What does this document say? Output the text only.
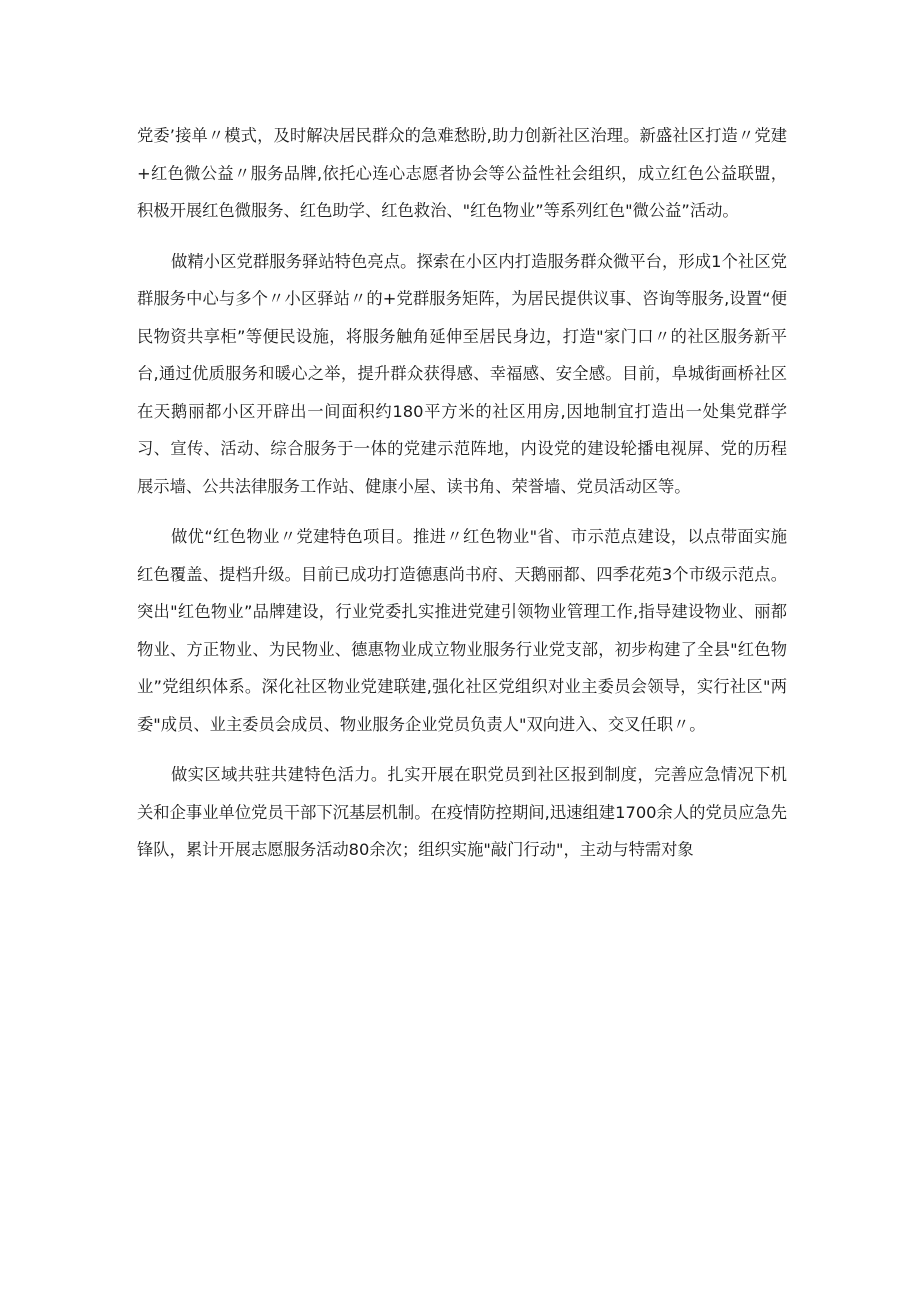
党委’接单〃模式，及时解决居民群众的急难愁盼,助力创新社区治理。新盛社区打造〃党建+红色微公益〃服务品牌,依托心连心志愿者协会等公益性社会组织，成立红色公益联盟，积极开展红色微服务、红色助学、红色救治、"红色物业”等系列红色"微公益”活动。

做精小区党群服务驿站特色亮点。探索在小区内打造服务群众微平台，形成1个社区党群服务中心与多个〃小区驿站〃的+党群服务矩阵，为居民提供议事、咨询等服务,设置“便民物资共享柜”等便民设施，将服务触角延伸至居民身边，打造"家门口〃的社区服务新平台,通过优质服务和暖心之举，提升群众获得感、幸福感、安全感。目前，阜城街画桥社区在天鹅丽都小区开辟出一间面积约180平方米的社区用房,因地制宜打造出一处集党群学习、宣传、活动、综合服务于一体的党建示范阵地，内设党的建设轮播电视屏、党的历程展示墙、公共法律服务工作站、健康小屋、读书角、荣誉墙、党员活动区等。

做优“红色物业〃党建特色项目。推进〃红色物业"省、市示范点建设，以点带面实施红色覆盖、提档升级。目前已成功打造德惠尚书府、天鹅丽都、四季花苑3个市级示范点。突出"红色物业”品牌建设，行业党委扎实推进党建引领物业管理工作,指导建设物业、丽都物业、方正物业、为民物业、德惠物业成立物业服务行业党支部，初步构建了全县"红色物业”党组织体系。深化社区物业党建联建,强化社区党组织对业主委员会领导，实行社区"两委"成员、业主委员会成员、物业服务企业党员负责人"双向进入、交叉任职〃。

做实区域共驻共建特色活力。扎实开展在职党员到社区报到制度，完善应急情况下机关和企事业单位党员干部下沉基层机制。在疫情防控期间,迅速组建1700余人的党员应急先锋队，累计开展志愿服务活动80余次；组织实施"敲门行动"，主动与特需对象
